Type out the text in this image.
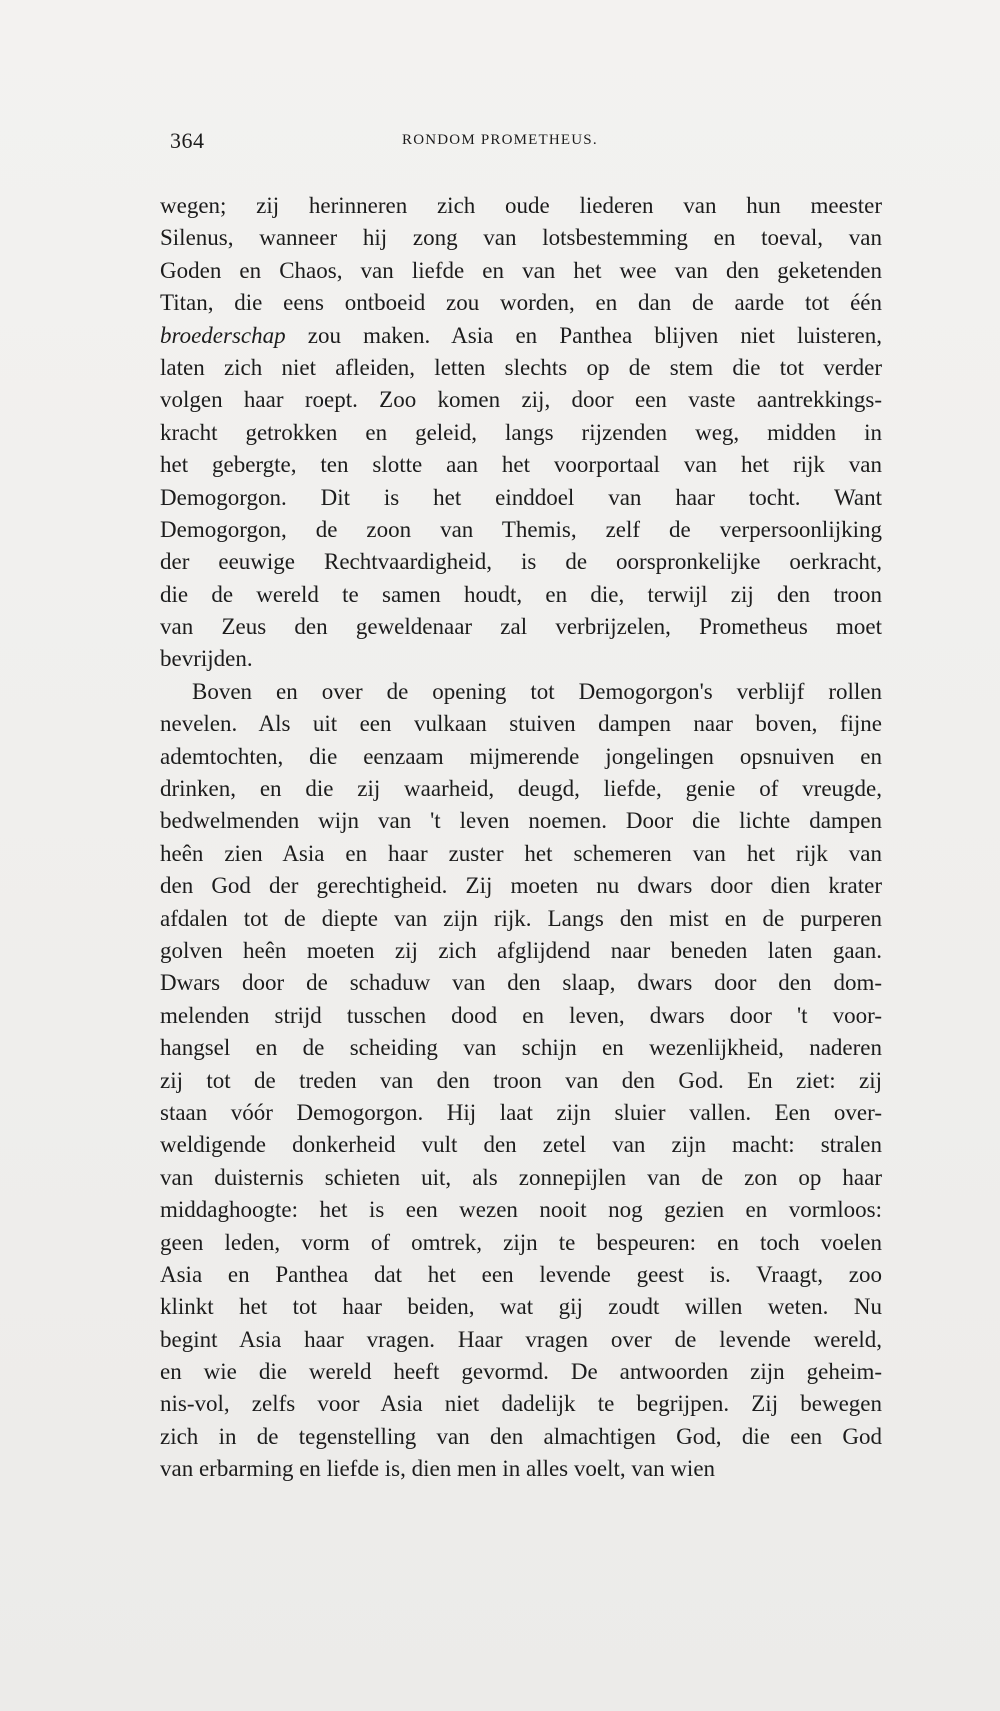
364	RONDOM PROMETHEUS.
wegen; zij herinneren zich oude liederen van hun meester
Silenus, wanneer hij zong van lotsbestemming en toeval, van
Goden en Chaos, van liefde en van het wee van den geketenden
Titan, die eens ontboeid zou worden, en dan de aarde tot één
broederschap zou maken. Asia en Panthea blijven niet luisteren,
laten zich niet afleiden, letten slechts op de stem die tot verder
volgen haar roept. Zoo komen zij, door een vaste aantrekkings-
kracht getrokken en geleid, langs rijzenden weg, midden in
het gebergte, ten slotte aan het voorportaal van het rijk van
Demogorgon. Dit is het einddoel van haar tocht. Want
Demogorgon, de zoon van Themis, zelf de verpersoonlijking
der eeuwige Rechtvaardigheid, is de oorspronkelijke oerkracht,
die de wereld te samen houdt, en die, terwijl zij den troon
van Zeus den geweldenaar zal verbrijzelen, Prometheus moet
bevrijden.
Boven en over de opening tot Demogorgon's verblijf rollen
nevelen. Als uit een vulkaan stuiven dampen naar boven, fijne
ademtochten, die eenzaam mijmerende jongelingen opsnuiven en
drinken, en die zij waarheid, deugd, liefde, genie of vreugde,
bedwelmenden wijn van 't leven noemen. Door die lichte dampen
heên zien Asia en haar zuster het schemeren van het rijk van
den God der gerechtigheid. Zij moeten nu dwars door dien krater
afdalen tot de diepte van zijn rijk. Langs den mist en de purperen
golven heên moeten zij zich afglijdend naar beneden laten gaan.
Dwars door de schaduw van den slaap, dwars door den dom-
melenden strijd tusschen dood en leven, dwars door 't voor-
hangsel en de scheiding van schijn en wezenlijkheid, naderen
zij tot de treden van den troon van den God. En ziet: zij
staan vóór Demogorgon. Hij laat zijn sluier vallen. Een over-
weldigende donkerheid vult den zetel van zijn macht: stralen
van duisternis schieten uit, als zonnepijlen van de zon op haar
middaghoogte: het is een wezen nooit nog gezien en vormloos:
geen leden, vorm of omtrek, zijn te bespeuren: en toch voelen
Asia en Panthea dat het een levende geest is. Vraagt, zoo
klinkt het tot haar beiden, wat gij zoudt willen weten. Nu
begint Asia haar vragen. Haar vragen over de levende wereld,
en wie die wereld heeft gevormd. De antwoorden zijn geheim-
nis-vol, zelfs voor Asia niet dadelijk te begrijpen. Zij bewegen
zich in de tegenstelling van den almachtigen God, die een God
van erbarming en liefde is, dien men in alles voelt, van wien
